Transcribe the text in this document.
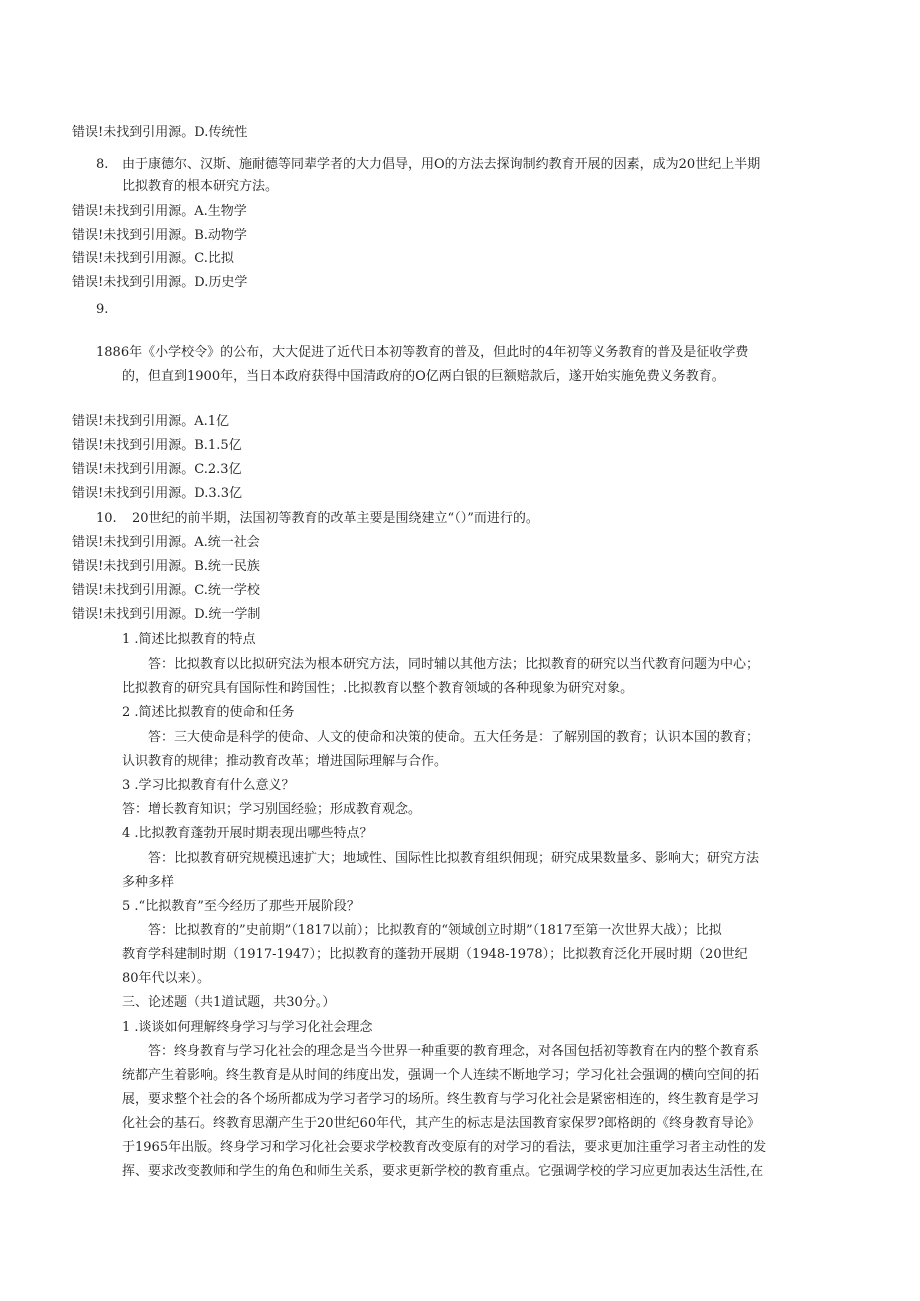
错误!未找到引用源。D.传统性
8. 由于康德尔、汉斯、施耐德等同辈学者的大力倡导，用O的方法去探询制约教育开展的因素，成为20世纪上半期
比拟教育的根本研究方法。
错误!未找到引用源。A.生物学
错误!未找到引用源。B.动物学
错误!未找到引用源。C.比拟
错误!未找到引用源。D.历史学
9.
1886年《小学校令》的公布，大大促进了近代日本初等教育的普及，但此时的4年初等义务教育的普及是征收学费
的，但直到1900年，当日本政府获得中国清政府的O亿两白银的巨额赔款后，遂开始实施免费义务教育。
错误!未找到引用源。A.1亿
错误!未找到引用源。B.1.5亿
错误!未找到引用源。C.2.3亿
错误!未找到引用源。D.3.3亿
10. 20世纪的前半期，法国初等教育的改革主要是围绕建立“（）”而进行的。
错误!未找到引用源。A.统一社会
错误!未找到引用源。B.统一民族
错误!未找到引用源。C.统一学校
错误!未找到引用源。D.统一学制
1 .简述比拟教育的特点
答：比拟教育以比拟研究法为根本研究方法，同时辅以其他方法；比拟教育的研究以当代教育问题为中心；
比拟教育的研究具有国际性和跨国性；.比拟教育以整个教育领域的各种现象为研究对象。
2 .简述比拟教育的使命和任务
答：三大使命是科学的使命、人文的使命和决策的使命。五大任务是：了解别国的教育；认识本国的教育；
认识教育的规律；推动教育改革；增进国际理解与合作。
3 .学习比拟教育有什么意义？
答：增长教育知识；学习别国经验；形成教育观念。
4 .比拟教育蓬勃开展时期表现出哪些特点？
答：比拟教育研究规模迅速扩大；地域性、国际性比拟教育组织佣现；研究成果数量多、影响大；研究方法
多种多样
5 .“比拟教育”至今经历了那些开展阶段？
答：比拟教育的”史前期”（1817以前）；比拟教育的“领域创立时期”（1817至第一次世界大战）；比拟
教育学科建制时期（1917-1947）；比拟教育的蓬勃开展期（1948-1978）；比拟教育泛化开展时期（20世纪
80年代以来）。
三、论述题（共1道试题，共30分。）
1 .谈谈如何理解终身学习与学习化社会理念
答：终身教育与学习化社会的理念是当今世界一种重要的教育理念，对各国包括初等教育在内的整个教育系
统都产生着影响。终生教育是从时间的纬度出发，强调一个人连续不断地学习；学习化社会强调的横向空间的拓
展，要求整个社会的各个场所都成为学习者学习的场所。终生教育与学习化社会是紧密相连的，终生教育是学习
化社会的基石。终教育思潮产生于20世纪60年代，其产生的标志是法国教育家保罗?郎格朗的《终身教育导论》
于1965年出版。终身学习和学习化社会要求学校教育改变原有的对学习的看法，要求更加注重学习者主动性的发
挥、要求改变教师和学生的角色和师生关系，要求更新学校的教育重点。它强调学校的学习应更加表达生活性,在
